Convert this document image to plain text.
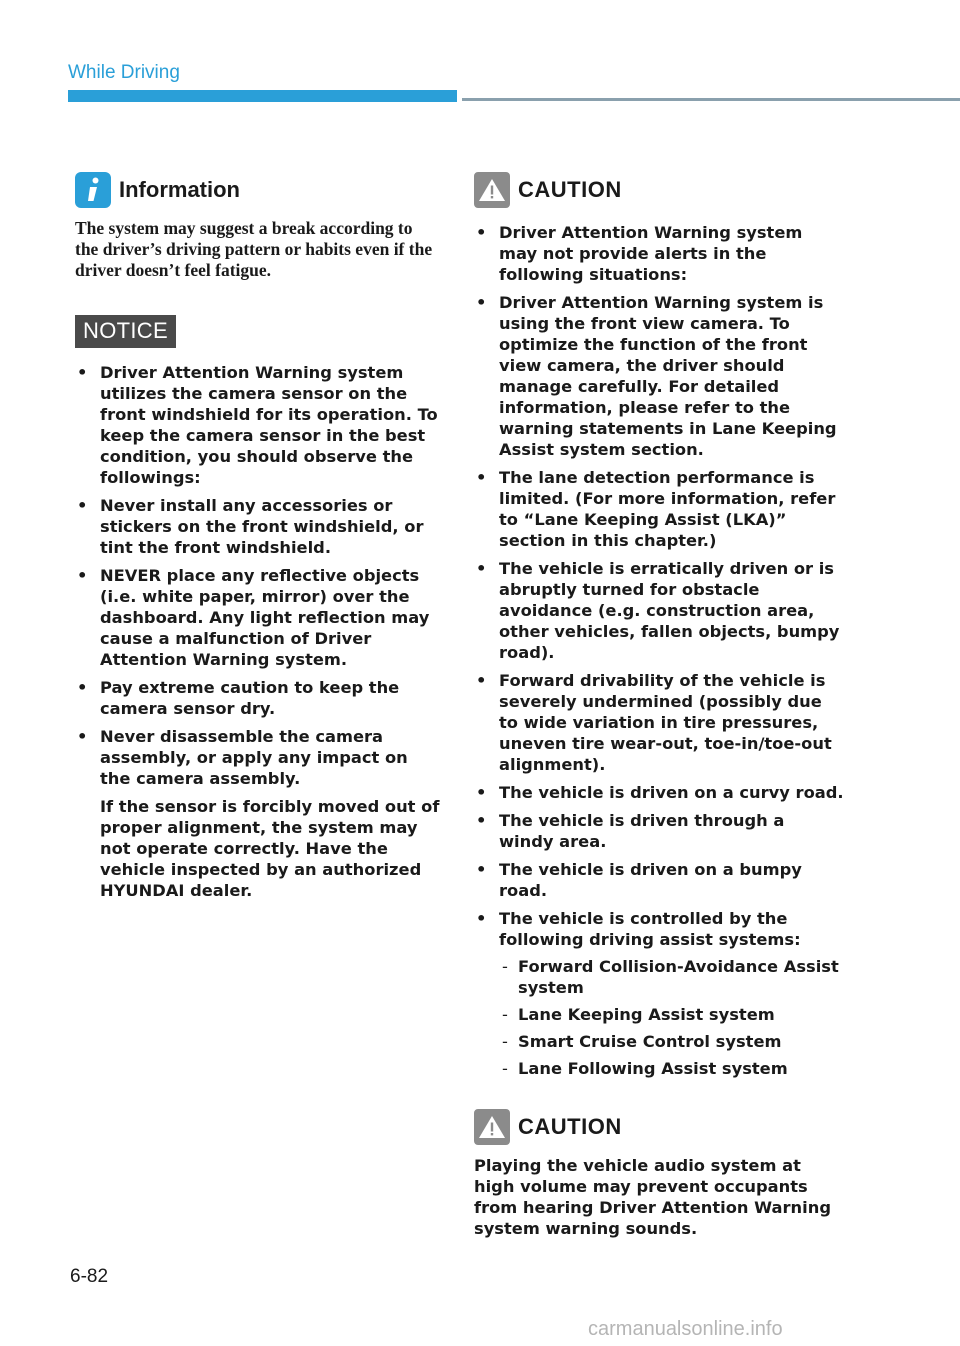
While Driving
Information
The system may suggest a break according to the driver’s driving pattern or habits even if the driver doesn’t feel fatigue.
NOTICE
• Driver Attention Warning system utilizes the camera sensor on the front windshield for its operation. To keep the camera sensor in the best condition, you should observe the followings:
• Never install any accessories or stickers on the front windshield, or tint the front windshield.
• NEVER place any reflective objects (i.e. white paper, mirror) over the dashboard. Any light reflection may cause a malfunction of Driver Attention Warning system.
• Pay extreme caution to keep the camera sensor dry.
• Never disassemble the camera assembly, or apply any impact on the camera assembly.

If the sensor is forcibly moved out of proper alignment, the system may not operate correctly. Have the vehicle inspected by an authorized HYUNDAI dealer.

CAUTION
• Driver Attention Warning system may not provide alerts in the following situations:
• Driver Attention Warning system is using the front view camera. To optimize the function of the front view camera, the driver should manage carefully. For detailed information, please refer to the warning statements in Lane Keeping Assist system section.
• The lane detection performance is limited. (For more information, refer to “Lane Keeping Assist (LKA)” section in this chapter.)
• The vehicle is erratically driven or is abruptly turned for obstacle avoidance (e.g. construction area, other vehicles, fallen objects, bumpy road).
• Forward drivability of the vehicle is severely undermined (possibly due to wide variation in tire pressures, uneven tire wear-out, toe-in/toe-out alignment).
• The vehicle is driven on a curvy road.
• The vehicle is driven through a windy area.
• The vehicle is driven on a bumpy road.
• The vehicle is controlled by the following driving assist systems:
- Forward Collision-Avoidance Assist system
- Lane Keeping Assist system
- Smart Cruise Control system
- Lane Following Assist system
CAUTION
Playing the vehicle audio system at high volume may prevent occupants from hearing Driver Attention Warning system warning sounds.
6-82
carmanualsonline.info
